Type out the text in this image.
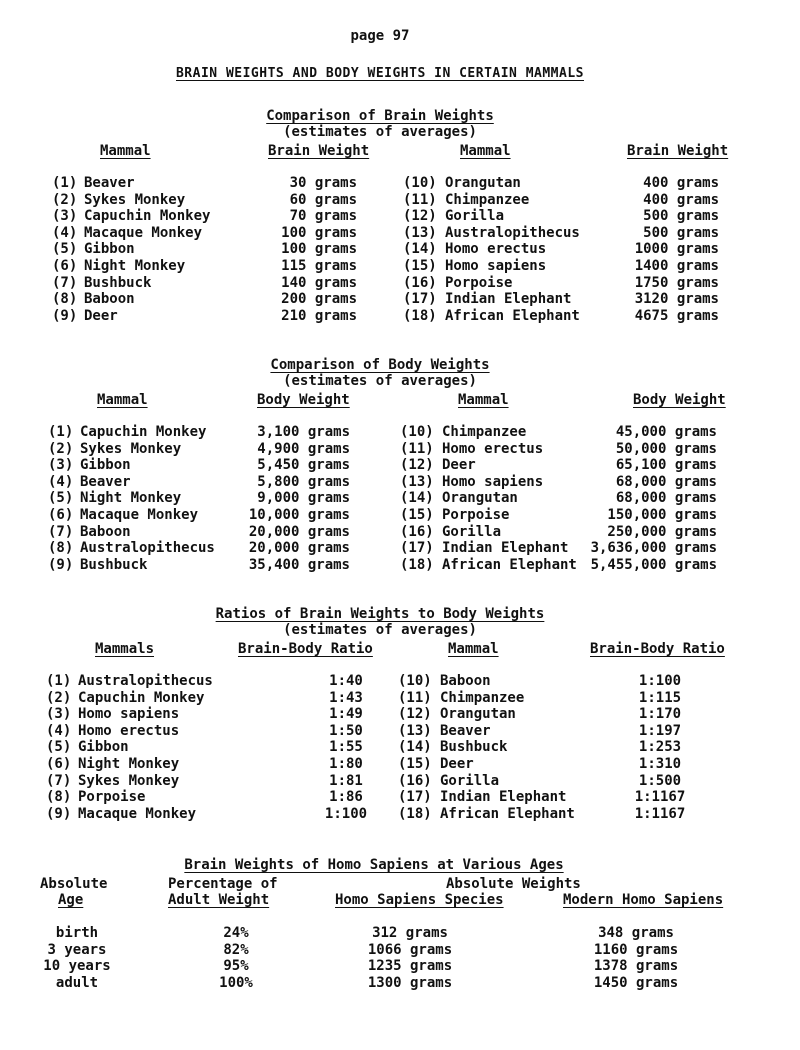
page 97
BRAIN WEIGHTS AND BODY WEIGHTS IN CERTAIN MAMMALS
Comparison of Brain Weights
(estimates of averages)
Mammal	Brain Weight	Mammal	Brain Weight
(1) Beaver	30 grams
(2) Sykes Monkey	60 grams
(3) Capuchin Monkey	70 grams
(4) Macaque Monkey	100 grams
(5) Gibbon	100 grams
(6) Night Monkey	115 grams
(7) Bushbuck	140 grams
(8) Baboon	200 grams
(9) Deer	210 grams
(10) Orangutan	400 grams
(11) Chimpanzee	400 grams
(12) Gorilla	500 grams
(13) Australopithecus	500 grams
(14) Homo erectus	1000 grams
(15) Homo sapiens	1400 grams
(16) Porpoise	1750 grams
(17) Indian Elephant	3120 grams
(18) African Elephant	4675 grams
Comparison of Body Weights
(estimates of averages)
Mammal	Body Weight	Mammal	Body Weight
(1) Capuchin Monkey	3,100 grams
(2) Sykes Monkey	4,900 grams
(3) Gibbon	5,450 grams
(4) Beaver	5,800 grams
(5) Night Monkey	9,000 grams
(6) Macaque Monkey	10,000 grams
(7) Baboon	20,000 grams
(8) Australopithecus 20,000 grams
(9) Bushbuck	35,400 grams
(10) Chimpanzee	45,000 grams
(11) Homo erectus	50,000 grams
(12) Deer	65,100 grams
(13) Homo sapiens	68,000 grams
(14) Orangutan	68,000 grams
(15) Porpoise	150,000 grams
(16) Gorilla	250,000 grams
(17) Indian Elephant 3,636,000 grams
(18) African Elephant 5,455,000 grams
Ratios of Brain Weights to Body Weights
(estimates of averages)
Mammals	Brain-Body Ratio	Mammal	Brain-Body Ratio
(1) Australopithecus	1:40
(2) Capuchin Monkey	1:43
(3) Homo sapiens	1:49
(4) Homo erectus	1:50
(5) Gibbon	1:55
(6) Night Monkey	1:80
(7) Sykes Monkey	1:81
(8) Porpoise	1:86
(9) Macaque Monkey	1:100
(10) Baboon	1:100
(11) Chimpanzee	1:115
(12) Orangutan	1:170
(13) Beaver	1:197
(14) Bushbuck	1:253
(15) Deer	1:310
(16) Gorilla	1:500
(17) Indian Elephant	1:1167
(18) African Elephant	1:1167
Brain Weights of Homo Sapiens at Various Ages
Absolute
Age
Percentage of
Adult Weight
Absolute Weights
Homo Sapiens Species	Modern Homo Sapiens
birth	24%	312 grams	348 grams
3 years	82%	1066 grams	1160 grams
10 years	95%	1235 grams	1378 grams
adult	100%	1300 grams	1450 grams
